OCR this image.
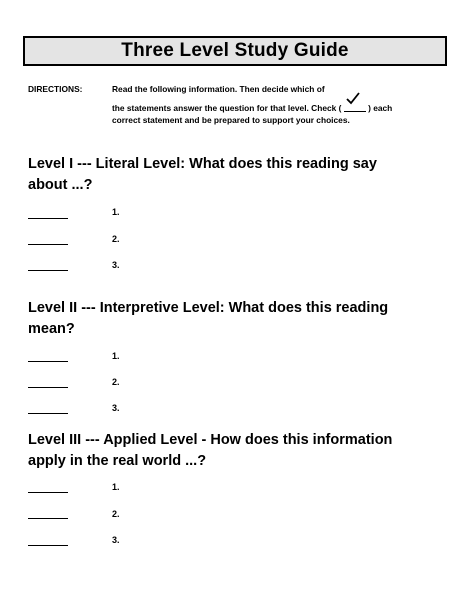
Three Level Study Guide
DIRECTIONS:	Read the following information. Then decide which of
the statements answer the question for that level. Check (	) each
correct statement and be prepared to support your choices.
Level I --- Literal Level: What does this reading say
about ...?
1.
2.
3.
Level II --- Interpretive Level: What does this reading
mean?
1.
2.
3.
Level III --- Applied Level - How does this information
apply in the real world ...?
1.
2.
3.
